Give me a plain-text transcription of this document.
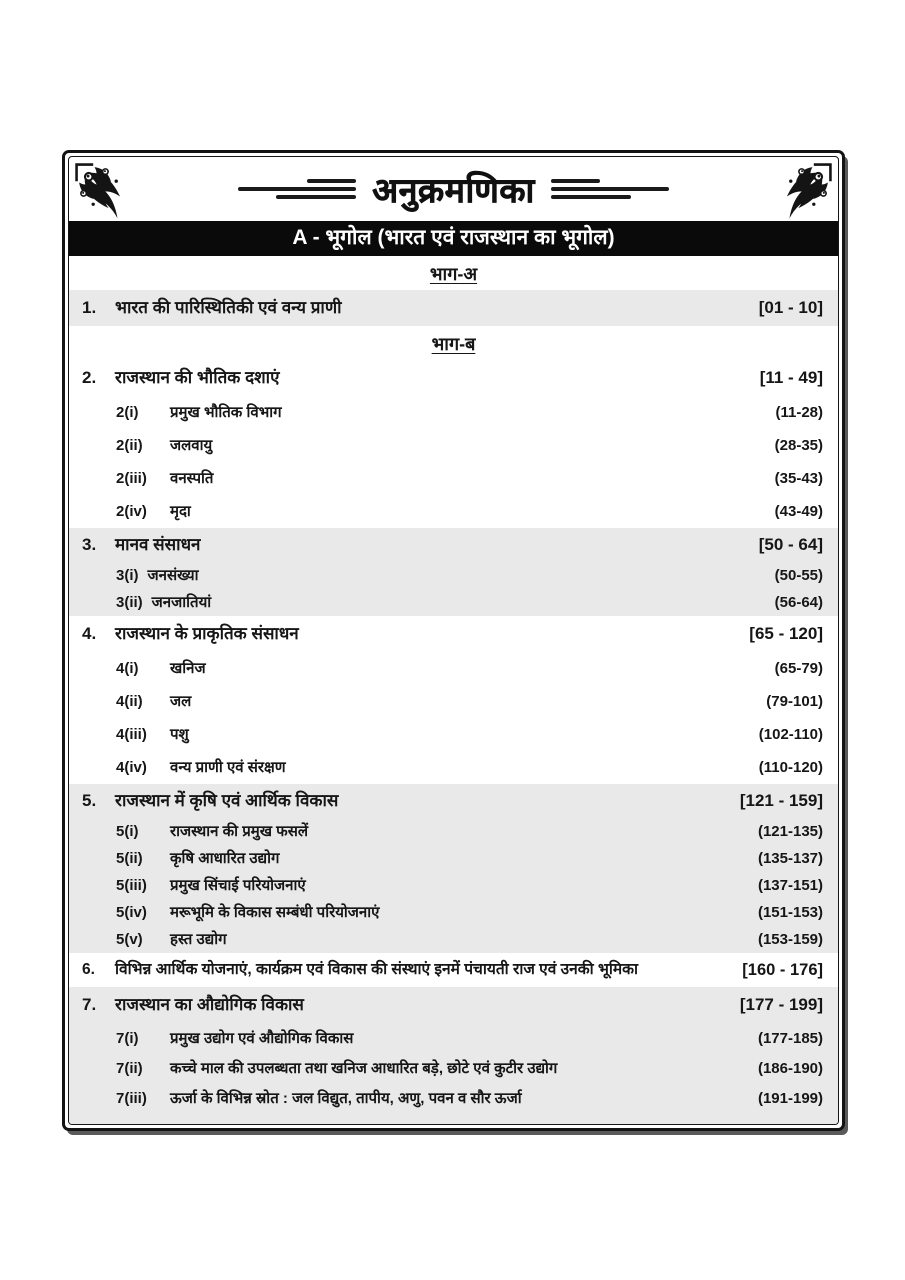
अनुक्रमणिका
A - भूगोल (भारत एवं राजस्थान का भूगोल)
भाग-अ
1.	भारत की पारिस्थितिकी एवं वन्य प्राणी	[01 - 10]
भाग-ब
2.	राजस्थान की भौतिक दशाएं	[11 - 49]
2(i)	प्रमुख भौतिक विभाग	(11-28)
2(ii)	जलवायु	(28-35)
2(iii)	वनस्पति	(35-43)
2(iv)	मृदा	(43-49)
3.	मानव संसाधन	[50 - 64]
3(i) जनसंख्या	(50-55)
3(ii) जनजातियां	(56-64)
4.	राजस्थान के प्राकृतिक संसाधन	[65 - 120]
4(i)	खनिज	(65-79)
4(ii)	जल	(79-101)
4(iii)	पशु	(102-110)
4(iv)	वन्य प्राणी एवं संरक्षण	(110-120)
5.	राजस्थान में कृषि एवं आर्थिक विकास	[121 - 159]
5(i)	राजस्थान की प्रमुख फसलें	(121-135)
5(ii)	कृषि आधारित उद्योग	(135-137)
5(iii)	प्रमुख सिंचाई परियोजनाएं	(137-151)
5(iv)	मरूभूमि के विकास सम्बंधी परियोजनाएं	(151-153)
5(v)	हस्त उद्योग	(153-159)
6.	विभिन्न आर्थिक योजनाएं, कार्यक्रम एवं विकास की संस्थाएं इनमें पंचायती राज एवं उनकी भूमिका	[160 - 176]
7.	राजस्थान का औद्योगिक विकास	[177 - 199]
7(i)	प्रमुख उद्योग एवं औद्योगिक विकास	(177-185)
7(ii)	कच्चे माल की उपलब्धता तथा खनिज आधारित बड़े, छोटे एवं कुटीर उद्योग	(186-190)
7(iii)	ऊर्जा के विभिन्न स्रोत : जल विद्युत, तापीय, अणु, पवन व सौर ऊर्जा	(191-199)
